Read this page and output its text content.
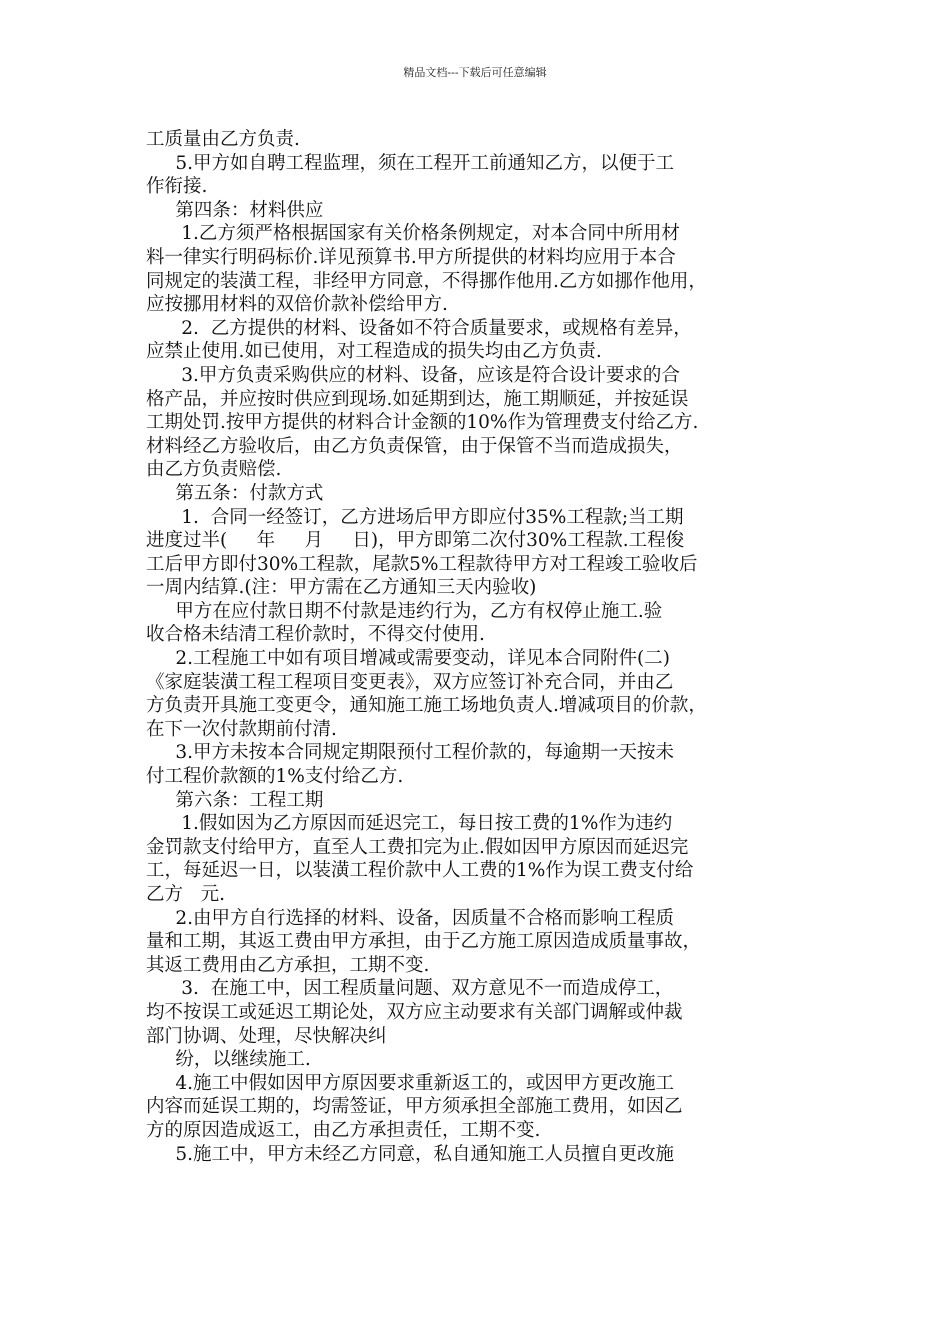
精品文档---下载后可任意编辑
工质量由乙方负责.
5.甲方如自聘工程监理，须在工程开工前通知乙方，以便于工
作衔接.
第四条：材料供应
1.乙方须严格根据国家有关价格条例规定，对本合同中所用材
料一律实行明码标价.详见预算书.甲方所提供的材料均应用于本合
同规定的装潢工程，非经甲方同意，不得挪作他用.乙方如挪作他用，
应按挪用材料的双倍价款补偿给甲方.
2.  乙方提供的材料、设备如不符合质量要求，或规格有差异，
应禁止使用.如已使用，对工程造成的损失均由乙方负责.
3.甲方负责采购供应的材料、设备，应该是符合设计要求的合
格产品，并应按时供应到现场.如延期到达，施工期顺延，并按延误
工期处罚.按甲方提供的材料合计金额的10%作为管理费支付给乙方.
材料经乙方验收后，由乙方负责保管，由于保管不当而造成损失，
由乙方负责赔偿.
第五条：付款方式
1.  合同一经签订，乙方进场后甲方即应付35%工程款;当工期
进度过半(     年     月     日)，甲方即第二次付30%工程款.工程俊
工后甲方即付30%工程款，尾款5%工程款待甲方对工程竣工验收后
一周内结算.(注：甲方需在乙方通知三天内验收)
甲方在应付款日期不付款是违约行为，乙方有权停止施工.验
收合格未结清工程价款时，不得交付使用.
2.工程施工中如有项目增减或需要变动，详见本合同附件(二)
《家庭装潢工程工程项目变更表》，双方应签订补充合同，并由乙
方负责开具施工变更令，通知施工施工场地负责人.增减项目的价款，
在下一次付款期前付清.
3.甲方未按本合同规定期限预付工程价款的，每逾期一天按未
付工程价款额的1%支付给乙方.
第六条：工程工期
1.假如因为乙方原因而延迟完工，每日按工费的1%作为违约
金罚款支付给甲方，直至人工费扣完为止.假如因甲方原因而延迟完
工，每延迟一日，以装潢工程价款中人工费的1%作为误工费支付给
乙方   元.
2.由甲方自行选择的材料、设备，因质量不合格而影响工程质
量和工期，其返工费由甲方承担，由于乙方施工原因造成质量事故，
其返工费用由乙方承担，工期不变.
3.  在施工中，因工程质量问题、双方意见不一而造成停工，
均不按误工或延迟工期论处，双方应主动要求有关部门调解或仲裁
部门协调、处理，尽快解决纠
纷，以继续施工.
4.施工中假如因甲方原因要求重新返工的，或因甲方更改施工
内容而延误工期的，均需签证，甲方须承担全部施工费用，如因乙
方的原因造成返工，由乙方承担责任，工期不变.
5.施工中，甲方未经乙方同意，私自通知施工人员擅自更改施
